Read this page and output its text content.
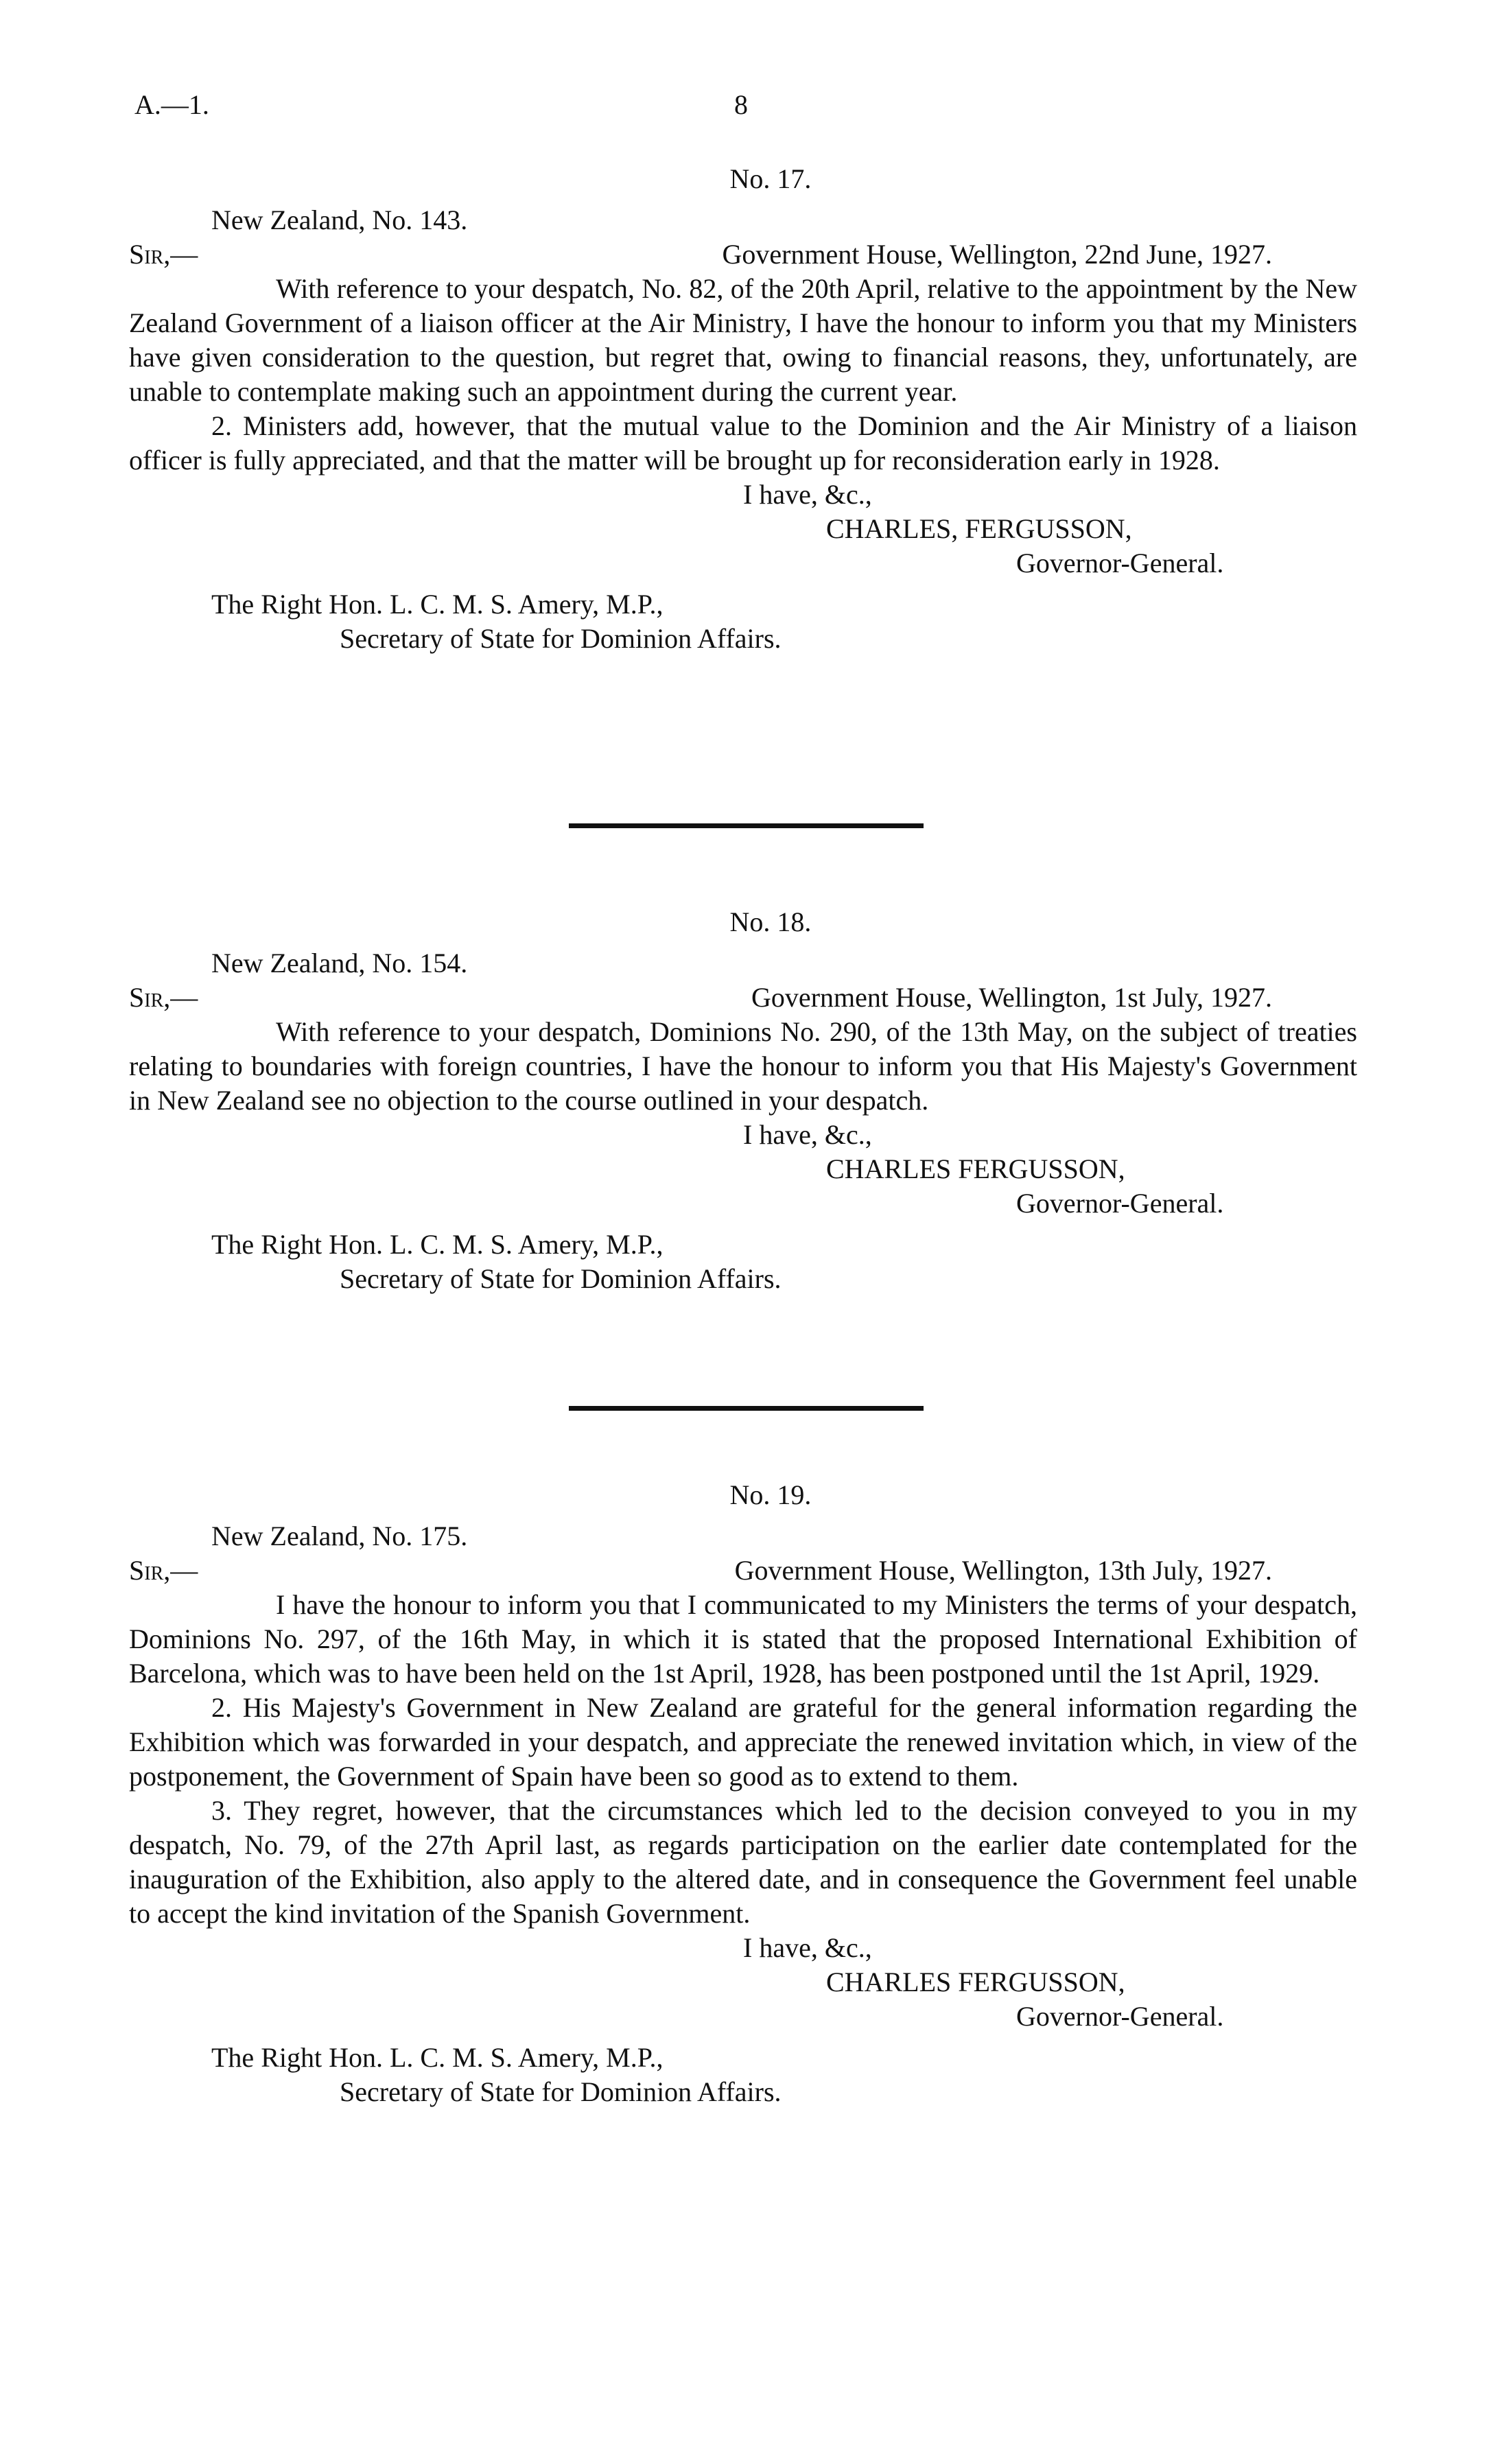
A.—1.	8
No. 17.
New Zealand, No. 143.
Sir,—	Government House, Wellington, 22nd June, 1927.
With reference to your despatch, No. 82, of the 20th April, relative to the appointment by the New Zealand Government of a liaison officer at the Air Ministry, I have the honour to inform you that my Ministers have given consideration to the question, but regret that, owing to financial reasons, they, unfortunately, are unable to contemplate making such an appointment during the current year.
2. Ministers add, however, that the mutual value to the Dominion and the Air Ministry of a liaison officer is fully appreciated, and that the matter will be brought up for reconsideration early in 1928.
I have, &c.,
CHARLES, FERGUSSON,
Governor-General.
The Right Hon. L. C. M. S. Amery, M.P.,
Secretary of State for Dominion Affairs.
No. 18.
New Zealand, No. 154.
Sir,—	Government House, Wellington, 1st July, 1927.
With reference to your despatch, Dominions No. 290, of the 13th May, on the subject of treaties relating to boundaries with foreign countries, I have the honour to inform you that His Majesty's Government in New Zealand see no objection to the course outlined in your despatch.
I have, &c.,
CHARLES FERGUSSON,
Governor-General.
The Right Hon. L. C. M. S. Amery, M.P.,
Secretary of State for Dominion Affairs.
No. 19.
New Zealand, No. 175.
Sir,—	Government House, Wellington, 13th July, 1927.
I have the honour to inform you that I communicated to my Ministers the terms of your despatch, Dominions No. 297, of the 16th May, in which it is stated that the proposed International Exhibition of Barcelona, which was to have been held on the 1st April, 1928, has been postponed until the 1st April, 1929.
2. His Majesty's Government in New Zealand are grateful for the general information regarding the Exhibition which was forwarded in your despatch, and appreciate the renewed invitation which, in view of the postponement, the Government of Spain have been so good as to extend to them.
3. They regret, however, that the circumstances which led to the decision conveyed to you in my despatch, No. 79, of the 27th April last, as regards participation on the earlier date contemplated for the inauguration of the Exhibition, also apply to the altered date, and in consequence the Government feel unable to accept the kind invitation of the Spanish Government.
I have, &c.,
CHARLES FERGUSSON,
Governor-General.
The Right Hon. L. C. M. S. Amery, M.P.,
Secretary of State for Dominion Affairs.
